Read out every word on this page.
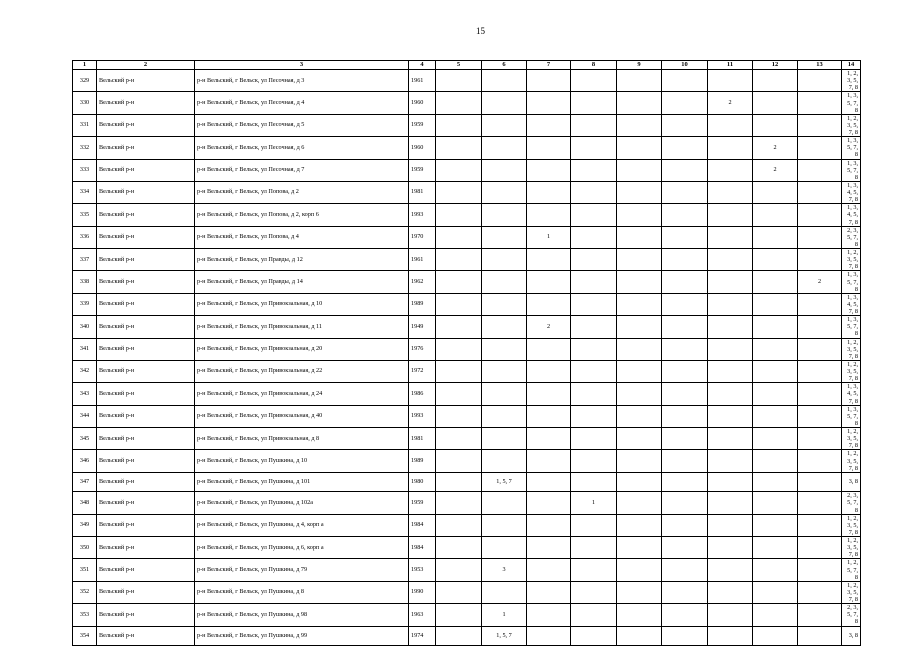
15
1	2	3	4	5	6	7	8	9	10	11	12	13	14
329	Вельский р-н	р-н Вельский, г Вельск, ул Песочная, д 3	1961										1, 2, 3, 5, 7, 8
330	Вельский р-н	р-н Вельский, г Вельск, ул Песочная, д 4	1960							2			1, 3, 5, 7, 8
331	Вельский р-н	р-н Вельский, г Вельск, ул Песочная, д 5	1959										1, 2, 3, 5, 7, 8
332	Вельский р-н	р-н Вельский, г Вельск, ул Песочная, д 6	1960								2		1, 3, 5, 7, 8
333	Вельский р-н	р-н Вельский, г Вельск, ул Песочная, д 7	1959								2		1, 3, 5, 7, 8
334	Вельский р-н	р-н Вельский, г Вельск, ул Попова, д 2	1981										1, 3, 4, 5, 7, 8
335	Вельский р-н	р-н Вельский, г Вельск, ул Попова, д 2, корп 6	1993										1, 3, 4, 5, 7, 8
336	Вельский р-н	р-н Вельский, г Вельск, ул Попова, д 4	1970			1							2, 3, 5, 7, 8
337	Вельский р-н	р-н Вельский, г Вельск, ул Правды, д 12	1961										1, 2, 3, 5, 7, 8
338	Вельский р-н	р-н Вельский, г Вельск, ул Правды, д 14	1962									2	1, 3, 5, 7, 8
339	Вельский р-н	р-н Вельский, г Вельск, ул Привокзальная, д 10	1989										1, 3, 4, 5, 7, 8
340	Вельский р-н	р-н Вельский, г Вельск, ул Привокзальная, д 11	1949			2							1, 3, 5, 7, 8
341	Вельский р-н	р-н Вельский, г Вельск, ул Привокзальная, д 20	1976										1, 2, 3, 5, 7, 8
342	Вельский р-н	р-н Вельский, г Вельск, ул Привокзальная, д 22	1972										1, 2, 3, 5, 7, 8
343	Вельский р-н	р-н Вельский, г Вельск, ул Привокзальная, д 24	1986										1, 3, 4, 5, 7, 8
344	Вельский р-н	р-н Вельский, г Вельск, ул Привокзальная, д 40	1993										1, 3, 5, 7, 8
345	Вельский р-н	р-н Вельский, г Вельск, ул Привокзальная, д 8	1981										1, 2, 3, 5, 7, 8
346	Вельский р-н	р-н Вельский, г Вельск, ул Пушкина, д 10	1989										1, 2, 3, 5, 7, 8
347	Вельский р-н	р-н Вельский, г Вельск, ул Пушкина, д 101	1980		1, 5, 7								3, 8
348	Вельский р-н	р-н Вельский, г Вельск, ул Пушкина, д 102а	1959				1						2, 3, 5, 7, 8
349	Вельский р-н	р-н Вельский, г Вельск, ул Пушкина, д 4, корп а	1984										1, 2, 3, 5, 7, 8
350	Вельский р-н	р-н Вельский, г Вельск, ул Пушкина, д 6, корп а	1984										1, 2, 3, 5, 7, 8
351	Вельский р-н	р-н Вельский, г Вельск, ул Пушкина, д 79	1953		3								1, 2, 5, 7, 8
352	Вельский р-н	р-н Вельский, г Вельск, ул Пушкина, д 8	1990										1, 2, 3, 5, 7, 8
353	Вельский р-н	р-н Вельский, г Вельск, ул Пушкина, д 98	1963		1								2, 3, 5, 7, 8
354	Вельский р-н	р-н Вельский, г Вельск, ул Пушкина, д 99	1974		1, 5, 7								3, 8
